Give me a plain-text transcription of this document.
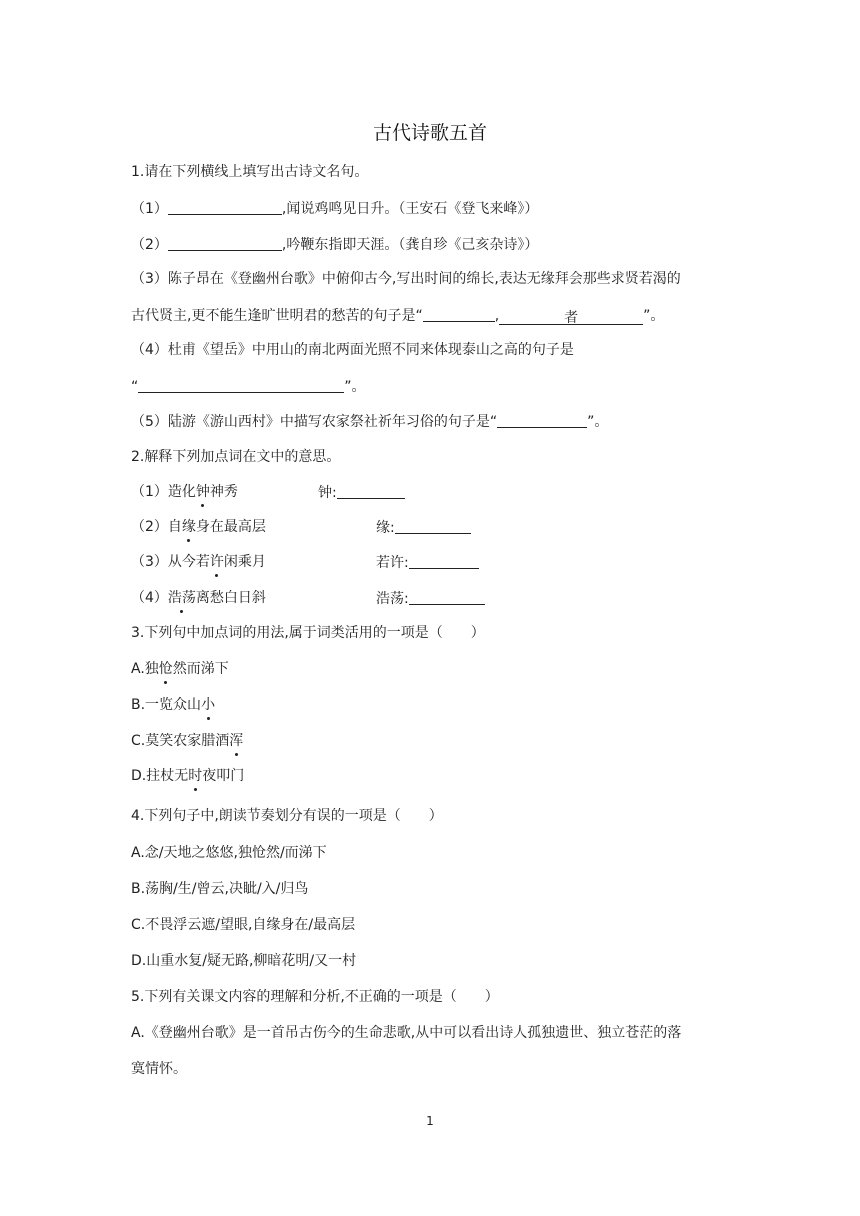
古代诗歌五首
1.请在下列横线上填写出古诗文名句。
（1）	,闻说鸡鸣见日升。（王安石《登飞来峰》）
（2）	,吟鞭东指即天涯。（龚自珍《己亥杂诗》）
（3）陈子昂在《登幽州台歌》中俯仰古今,写出时间的绵长,表达无缘拜会那些求贤若渴的
古代贤主,更不能生逢旷世明君的愁苦的句子是“	,	者	”。
（4）杜甫《望岳》中用山的南北两面光照不同来体现泰山之高的句子是
“	”。
（5）陆游《游山西村》中描写农家祭社祈年习俗的句子是“	”。
2.解释下列加点词在文中的意思。
（1）造化钟神秀	钟:
（2）自缘身在最高层	缘:
（3）从今若许闲乘月	若许:
（4）浩荡离愁白日斜	浩荡:
3.下列句中加点词的用法,属于词类活用的一项是（　　）
A.独怆然而涕下
B.一览众山小
C.莫笑农家腊酒浑
D.拄杖无时夜叩门
4.下列句子中,朗读节奏划分有误的一项是（　　）
A.念/天地之悠悠,独怆然/而涕下
B.荡胸/生/曾云,决眦/入/归鸟
C.不畏浮云遮/望眼,自缘身在/最高层
D.山重水复/疑无路,柳暗花明/又一村
5.下列有关课文内容的理解和分析,不正确的一项是（　　）
A.《登幽州台歌》是一首吊古伤今的生命悲歌,从中可以看出诗人孤独遗世、独立苍茫的落
寞情怀。
1
